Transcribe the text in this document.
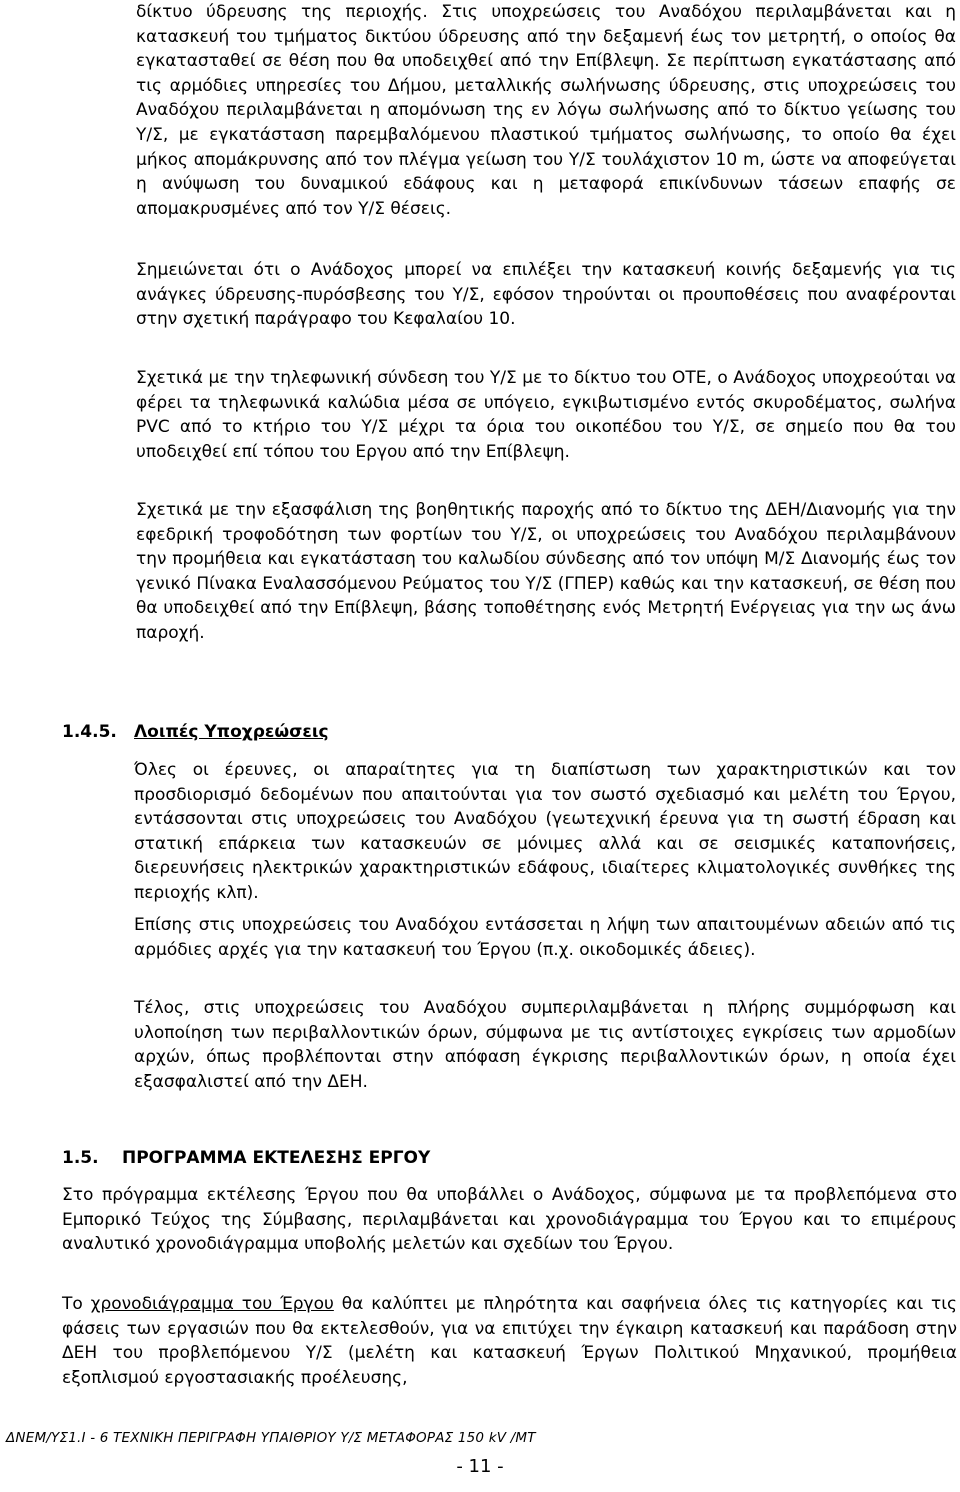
δίκτυο ύδρευσης της περιοχής. Στις υποχρεώσεις του Αναδόχου περιλαμβάνεται και η κατασκευή του τμήματος δικτύου ύδρευσης από την δεξαμενή έως τον μετρητή, ο οποίος θα εγκατασταθεί σε θέση που θα υποδειχθεί από την Επίβλεψη. Σε περίπτωση εγκατάστασης από τις αρμόδιες υπηρεσίες του Δήμου, μεταλλικής σωλήνωσης ύδρευσης, στις υποχρεώσεις του Αναδόχου περιλαμβάνεται η απομόνωση της εν λόγω σωλήνωσης από το δίκτυο γείωσης του Υ/Σ, με εγκατάσταση παρεμβαλόμενου πλαστικού τμήματος σωλήνωσης, το οποίο θα έχει μήκος απομάκρυνσης από τον πλέγμα γείωση του Υ/Σ τουλάχιστον 10 m, ώστε να αποφεύγεται η ανύψωση του δυναμικού εδάφους και η μεταφορά επικίνδυνων τάσεων επαφής σε απομακρυσμένες από τον Υ/Σ θέσεις.

Σημειώνεται ότι ο Ανάδοχος μπορεί να επιλέξει την κατασκευή κοινής δεξαμενής για τις ανάγκες ύδρευσης-πυρόσβεσης του Υ/Σ, εφόσον τηρούνται οι προυποθέσεις που αναφέρονται στην σχετική παράγραφο του Κεφαλαίου 10.

Σχετικά με την τηλεφωνική σύνδεση του Υ/Σ με το δίκτυο του ΟΤΕ, ο Ανάδοχος υποχρεούται να φέρει τα τηλεφωνικά καλώδια μέσα σε υπόγειο, εγκιβωτισμένο εντός σκυροδέματος, σωλήνα PVC από το κτήριο του Υ/Σ μέχρι τα όρια του οικοπέδου του Υ/Σ, σε σημείο που θα του υποδειχθεί επί τόπου του Εργου από την Επίβλεψη.

Σχετικά με την εξασφάλιση της βοηθητικής παροχής από το δίκτυο της ΔΕΗ/Διανομής για την εφεδρική τροφοδότηση των φορτίων του Υ/Σ, οι υποχρεώσεις του Αναδόχου περιλαμβάνουν την προμήθεια και εγκατάσταση του καλωδίου σύνδεσης από τον υπόψη Μ/Σ Διανομής έως τον γενικό Πίνακα Εναλασσόμενου Ρεύματος του Υ/Σ (ΓΠΕΡ) καθώς και την κατασκευή, σε θέση που θα υποδειχθεί από την Επίβλεψη, βάσης τοποθέτησης ενός Μετρητή Ενέργειας για την ως άνω παροχή.

1.4.5. Λοιπές Υποχρεώσεις

Όλες οι έρευνες, οι απαραίτητες για τη διαπίστωση των χαρακτηριστικών και τον προσδιορισμό δεδομένων που απαιτούνται για τον σωστό σχεδιασμό και μελέτη του Έργου, εντάσσονται στις υποχρεώσεις του Αναδόχου (γεωτεχνική έρευνα για τη σωστή έδραση και στατική επάρκεια των κατασκευών σε μόνιμες αλλά και σε σεισμικές καταπονήσεις, διερευνήσεις ηλεκτρικών χαρακτηριστικών εδάφους, ιδιαίτερες κλιματολογικές συνθήκες της περιοχής κλπ).

Επίσης στις υποχρεώσεις του Αναδόχου εντάσσεται η λήψη των απαιτουμένων αδειών από τις αρμόδιες αρχές για την κατασκευή του Έργου (π.χ. οικοδομικές άδειες).

Τέλος, στις υποχρεώσεις του Αναδόχου συμπεριλαμβάνεται η πλήρης συμμόρφωση και υλοποίηση των περιβαλλοντικών όρων, σύμφωνα με τις αντίστοιχες εγκρίσεις των αρμοδίων αρχών, όπως προβλέπονται στην απόφαση έγκρισης περιβαλλοντικών όρων, η οποία έχει εξασφαλιστεί από την ΔΕΗ.

1.5. ΠΡΟΓΡΑΜΜΑ ΕΚΤΕΛΕΣΗΣ ΕΡΓΟΥ

Στο πρόγραμμα εκτέλεσης Έργου που θα υποβάλλει ο Ανάδοχος, σύμφωνα με τα προβλεπόμενα στο Εμπορικό Τεύχος της Σύμβασης, περιλαμβάνεται και χρονοδιάγραμμα του Έργου και το επιμέρους αναλυτικό χρονοδιάγραμμα υποβολής μελετών και σχεδίων του Έργου.

Το χρονοδιάγραμμα του Έργου θα καλύπτει με πληρότητα και σαφήνεια όλες τις κατηγορίες και τις φάσεις των εργασιών που θα εκτελεσθούν, για να επιτύχει την έγκαιρη κατασκευή και παράδοση στην ΔΕΗ του προβλεπόμενου Υ/Σ (μελέτη και κατασκευή Έργων Πολιτικού Μηχανικού, προμήθεια εξοπλισμού εργοστασιακής προέλευσης,

ΔΝΕΜ/ΥΣ1.Ι - 6 ΤΕΧΝΙΚΗ ΠΕΡΙΓΡΑΦΗ ΥΠΑΙΘΡΙΟΥ Υ/Σ ΜΕΤΑΦΟΡΑΣ 150 kV /ΜΤ
- 11 -
